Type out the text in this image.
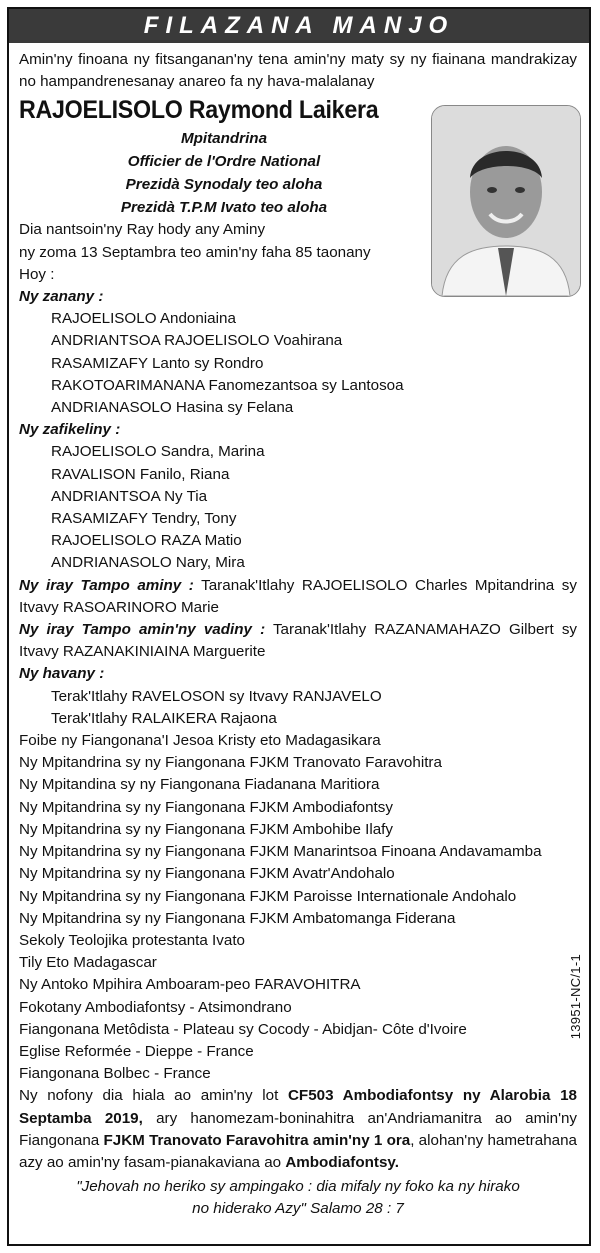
FILAZANA MANJO

Amin'ny finoana ny fitsanganan'ny tena amin'ny maty sy ny fiainana mandrakizay no hampandrenesanay anareo fa ny hava-malalanay

RAJOELISOLO Raymond Laikera

Mpitandrina
Officier de l'Ordre National
Prezidà Synodaly teo aloha
Prezidà T.P.M Ivato teo aloha

Dia nantsoin'ny Ray hody any Aminy

ny zoma 13 Septambra teo amin'ny faha 85 taonany

Hoy :

Ny zanany :

RAJOELISOLO Andoniaina

ANDRIANTSOA RAJOELISOLO Voahirana

RASAMIZAFY Lanto sy Rondro

RAKOTOARIMANANA Fanomezantsoa sy Lantosoa

ANDRIANASOLO Hasina sy Felana

Ny zafikeliny :

RAJOELISOLO Sandra, Marina

RAVALISON Fanilo, Riana

ANDRIANTSOA Ny Tia

RASAMIZAFY Tendry, Tony

RAJOELISOLO RAZA Matio

ANDRIANASOLO Nary, Mira

Ny iray Tampo aminy : Taranak'Itlahy RAJOELISOLO Charles Mpitandrina sy Itvavy RASOARINORO Marie

Ny iray Tampo amin'ny vadiny : Taranak'Itlahy RAZANAMAHAZO Gilbert sy Itvavy RAZANAKINIAINA Marguerite

Ny havany :

Terak'Itlahy RAVELOSON sy Itvavy RANJAVELO

Terak'Itlahy RALAIKERA Rajaona

Foibe ny Fiangonana'I Jesoa Kristy eto Madagasikara

Ny Mpitandrina sy ny Fiangonana FJKM Tranovato Faravohitra

Ny Mpitandina sy ny Fiangonana Fiadanana Maritiora

Ny Mpitandrina sy ny Fiangonana FJKM Ambodiafontsy

Ny Mpitandrina sy ny Fiangonana FJKM Ambohibe Ilafy

Ny Mpitandrina sy ny Fiangonana FJKM Manarintsoa Finoana Andavamamba

Ny Mpitandrina sy ny Fiangonana FJKM Avatr'Andohalo

Ny Mpitandrina sy ny Fiangonana FJKM Paroisse Internationale Andohalo

Ny Mpitandrina sy ny Fiangonana FJKM Ambatomanga Fiderana

Sekoly Teolojika protestanta Ivato

Tily Eto Madagascar

Ny Antoko Mpihira Amboaram-peo FARAVOHITRA

Fokotany Ambodiafontsy - Atsimondrano

Fiangonana Metôdista - Plateau sy Cocody - Abidjan- Côte d'Ivoire

Eglise Reformée - Dieppe - France

Fiangonana Bolbec - France

Ny nofony dia hiala ao amin'ny lot CF503 Ambodiafontsy ny Alarobia 18 Septamba 2019, ary hanomezam-boninahitra an'Andriamanitra ao amin'ny Fiangonana FJKM Tranovato Faravohitra amin'ny 1 ora, alohan'ny hametrahana azy ao amin'ny fasam-pianakaviana ao Ambodiafontsy.

"Jehovah no heriko sy ampingako : dia mifaly ny foko ka ny hirako
no hiderako Azy" Salamo 28 : 7
13951-NC/1-1
